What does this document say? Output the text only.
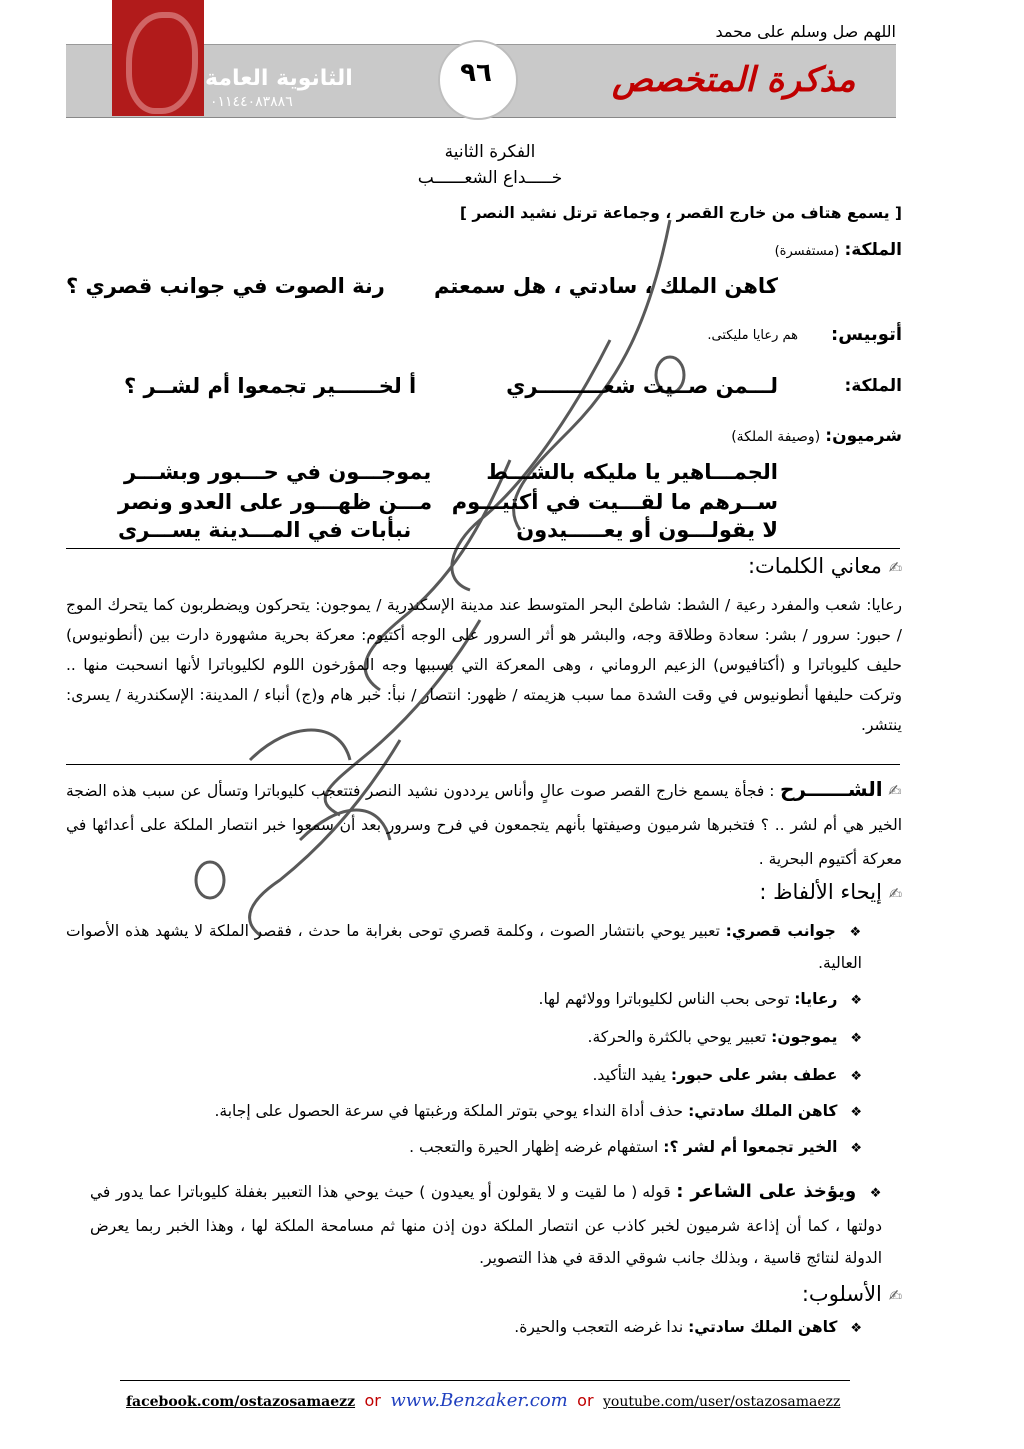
اللهم صل وسلم على محمد
الثانوية العامة
٠١١٤٤٠٨٣٨٨٦
٩٦	مذكرة المتخصص
الفكرة الثانية
خـــــداع الشعــــــب
[ يسمع هتاف من خارج القصر ، وجماعة ترتل نشيد النصر ]
الملكة: (مستفسرة)
كاهن الملك ، سادتي ، هل سمعتم
رنة الصوت في جوانب قصري ؟
أتوبيس:
هم رعايا مليكتى.
الملكة:
لـــمن صــيت شعـــــــــري
أ لخــــــير تجمعوا أم لشــر ؟
شرميون: (وصيفة الملكة)
الجمـــاهير يا مليكه بالشـــط
يموجـــون في حـــبور وبشـــر
ســرهم ما لقـــيت في أكتيـــوم
مـــن ظهـــور على العدو ونصر
لا يقولـــون أو يعـــــيدون
نبأبات في المـــدينة يســـرى
✍ معاني الكلمات:
رعايا: شعب والمفرد رعية / الشط: شاطئ البحر المتوسط عند مدينة الإسكندرية / يموجون: يتحركون ويضطربون كما يتحرك الموج / حبور: سرور / بشر: سعادة وطلاقة وجه، والبشر هو أثر السرور على الوجه أكتيوم: معركة بحرية مشهورة دارت بين (أنطونيوس) حليف كليوباترا و (أكتافيوس) الزعيم الروماني ، وهى المعركة التي بسببها وجه المؤرخون اللوم لكليوباترا لأنها انسحبت منها .. وتركت حليفها أنطونيوس في وقت الشدة مما سبب هزيمته / ظهور: انتصار / نبأ: خبر هام و(ج) أنباء / المدينة: الإسكندرية / يسرى: ينتشر.
✍ الشــــــرح : فجأة يسمع خارج القصر صوت عالٍ وأناس يرددون نشيد النصر فتتعجب كليوباترا وتسأل عن سبب هذه الضجة الخير هي أم لشر .. ؟ فتخبرها شرميون وصيفتها بأنهم يتجمعون في فرح وسرور بعد أن سمعوا خبر انتصار الملكة على أعدائها في معركة أكتيوم البحرية .
✍ إيحاء الألفاظ :
❖ جوانب قصري: تعبير يوحي بانتشار الصوت ، وكلمة قصري توحى بغرابة ما حدث ، فقصر الملكة لا يشهد هذه الأصوات العالية.
❖ رعايا: توحى بحب الناس لكليوباترا وولائهم لها.
❖ يموجون: تعبير يوحي بالكثرة والحركة.
❖ عطف بشر على حبور: يفيد التأكيد.
❖ كاهن الملك سادتي: حذف أداة النداء يوحي بتوتر الملكة ورغبتها في سرعة الحصول على إجابة.
❖ الخير تجمعوا أم لشر ؟: استفهام غرضه إظهار الحيرة والتعجب .
❖ ويؤخذ على الشاعر : قوله ( ما لقيت و لا يقولون أو يعيدون ) حيث يوحي هذا التعبير بغفلة كليوباترا عما يدور في دولتها ، كما أن إذاعة شرميون لخبر كاذب عن انتصار الملكة دون إذن منها ثم مسامحة الملكة لها ، وهذا الخبر ربما يعرض الدولة لنتائج قاسية ، وبذلك جانب شوقي الدقة في هذا التصوير.
✍ الأسلوب:
❖ كاهن الملك سادتي: ندا غرضه التعجب والحيرة.
facebook.com/ostazosamaezz or www.Benzaker.com or youtube.com/user/ostazosamaezz
